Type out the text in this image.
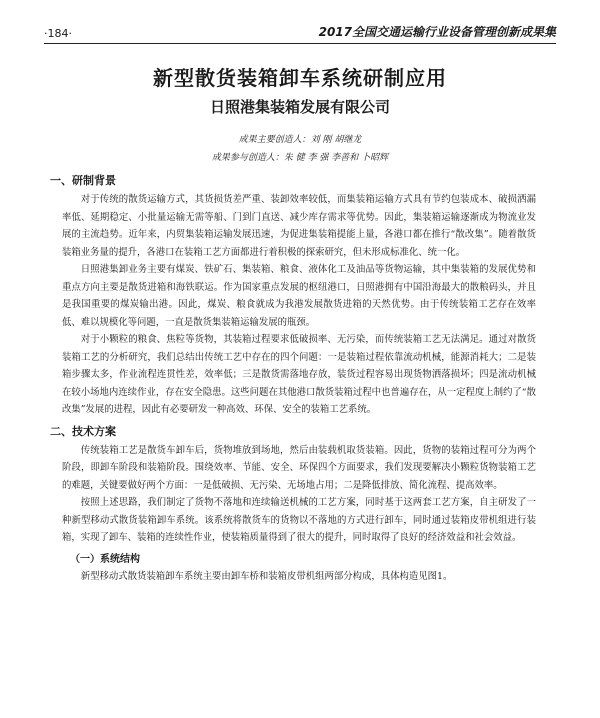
·184·	2017全国交通运输行业设备管理创新成果集
新型散货装箱卸车系统研制应用
日照港集装箱发展有限公司
成果主要创造人：刘 刚 胡继龙
成果参与创造人：朱 健 李 强 李善和 卜昭辉
一、研制背景

对于传统的散货运输方式，其货损货差严重、装卸效率较低，而集装箱运输方式具有节约包装成本、破损洒漏率低、延期稳定、小批量运输无需等船、门到门直送、减少库存需求等优势。因此，集装箱运输逐渐成为物流业发展的主流趋势。近年来，内贸集装箱运输发展迅速，为促进集装箱提能上量，各港口都在推行“散改集”。随着散货装箱业务量的提升，各港口在装箱工艺方面都进行着积极的探索研究，但未形成标准化、统一化。

日照港集卸业务主要有煤炭、铁矿石、集装箱、粮食、液体化工及油品等货物运输，其中集装箱的发展优势和重点方向主要是散货进箱和海铁联运。作为国家重点发展的枢纽港口，日照港拥有中国沿海最大的散粮码头，并且是我国重要的煤炭输出港。因此，煤炭、粮食就成为我港发展散货进箱的天然优势。由于传统装箱工艺存在效率低、难以规模化等问题，一直是散货集装箱运输发展的瓶颈。

对于小颗粒的粮食、焦粒等货物，其装箱过程要求低破损率、无污染，而传统装箱工艺无法满足。通过对散货装箱工艺的分析研究，我们总结出传统工艺中存在的四个问题：一是装箱过程依靠流动机械，能源消耗大；二是装箱步骤太多，作业流程连贯性差，效率低；三是散货需落地存放，装货过程容易出现货物洒落损坏；四是流动机械在较小场地内连续作业，存在安全隐患。这些问题在其他港口散货装箱过程中也普遍存在，从一定程度上制约了“散改集”发展的进程，因此有必要研发一种高效、环保、安全的装箱工艺系统。

二、技术方案

传统装箱工艺是散货车卸车后，货物堆放到场地，然后由装载机取货装箱。因此，货物的装箱过程可分为两个阶段，即卸车阶段和装箱阶段。围绕效率、节能、安全、环保四个方面要求，我们发现要解决小颗粒货物装箱工艺的难题，关键要做好两个方面：一是低破损、无污染、无场地占用；二是降低排放、简化流程、提高效率。

按照上述思路，我们制定了货物不落地和连续输送机械的工艺方案，同时基于这两套工艺方案，自主研发了一种新型移动式散货装箱卸车系统。该系统将散货车的货物以不落地的方式进行卸车，同时通过装箱皮带机组进行装箱，实现了卸车、装箱的连续性作业，使装箱质量得到了很大的提升，同时取得了良好的经济效益和社会效益。

（一）系统结构

新型移动式散货装箱卸车系统主要由卸车桥和装箱皮带机组两部分构成，具体构造见图1。
